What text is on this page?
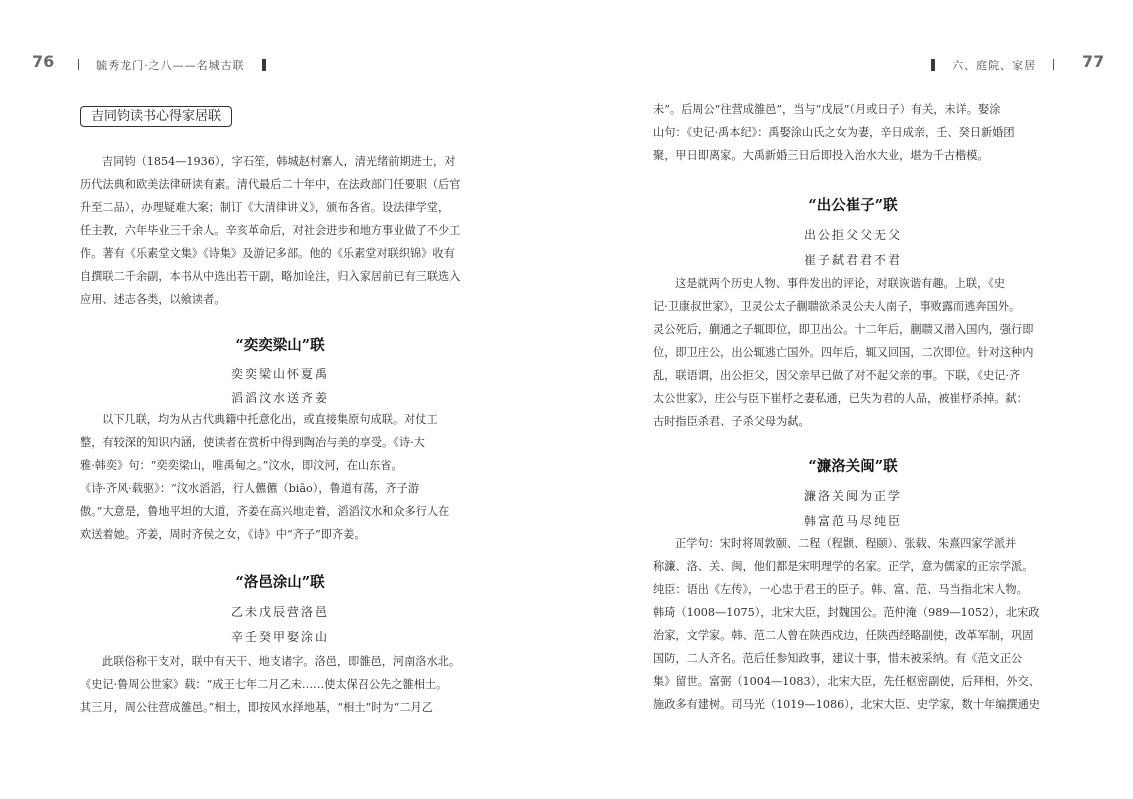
76	毓秀龙门·之八——名城古联
吉同钧读书心得家居联
吉同钧（1854—1936），字石笙，韩城赵村寨人，清光绪前期进士，对
历代法典和欧美法律研读有素。清代最后二十年中，在法政部门任要职（后官
升至二品），办理疑难大案；制订《大清律讲义》，颁布各省。设法律学堂，
任主教，六年毕业三千余人。辛亥革命后，对社会进步和地方事业做了不少工
作。著有《乐素堂文集》《诗集》及游记多部。他的《乐素堂对联织锦》收有
自撰联二千余副，本书从中选出若干副，略加诠注，归入家居前已有三联选入
应用、述志各类，以飨读者。
“奕奕梁山”联
奕奕梁山怀夏禹
滔滔汶水送齐姜
以下几联，均为从古代典籍中托意化出，或直接集原句成联。对仗工
整，有较深的知识内涵，使读者在赏析中得到陶冶与美的享受。《诗·大
雅·韩奕》句：“奕奕梁山，唯禹甸之。”汶水，即汶河，在山东省。
《诗·齐风·载驱》：“汶水滔滔，行人儦儦（biāo），鲁道有荡，齐子游
傲。”大意是，鲁地平坦的大道，齐姜在高兴地走着，滔滔汶水和众多行人在
欢送着她。齐姜，周时齐侯之女，《诗》中“齐子”即齐姜。
“洛邑涂山”联
乙未戊辰营洛邑
辛壬癸甲娶涂山
此联俗称干支对，联中有天干、地支诸字。洛邑，即雒邑，河南洛水北。
《史记·鲁周公世家》载：“成王七年二月乙未……使太保召公先之雒相土。
其三月，周公往营成雒邑。”相土，即按风水择地基，“相土”时为“二月乙
六、庭院、家居	77
未”。后周公“往营成雒邑”，当与“戊辰”（月或日子）有关，未详。娶涂
山句：《史记·禹本纪》：禹娶涂山氏之女为妻，辛日成亲，壬、癸日新婚团
聚，甲日即离家。大禹新婚三日后即投入治水大业，堪为千古楷模。
“出公崔子”联
出公拒父父无父
崔子弑君君不君
这是就两个历史人物、事件发出的评论，对联诙谐有趣。上联，《史
记·卫康叔世家》，卫灵公太子蒯聩欲杀灵公夫人南子，事败露而逃奔国外。
灵公死后，蒯通之子辄即位，即卫出公。十二年后，蒯聩又潜入国内，强行即
位，即卫庄公，出公辄逃亡国外。四年后，辄又回国，二次即位。针对这种内
乱，联语谓，出公拒父，因父亲早已做了对不起父亲的事。下联，《史记·齐
太公世家》，庄公与臣下崔杼之妻私通，已失为君的人品，被崔杼杀掉。弑：
古时指臣杀君、子杀父母为弑。
“濂洛关闽”联
濂洛关闽为正学
韩富范马尽纯臣
正学句：宋时将周敦颐、二程（程颢、程颐）、张载、朱熹四家学派并
称濂、洛、关、闽，他们都是宋明理学的名家。正学，意为儒家的正宗学派。
纯臣：语出《左传》，一心忠于君王的臣子。韩、富、范、马当指北宋人物。
韩琦（1008—1075），北宋大臣，封魏国公。范仲淹（989—1052），北宋政
治家，文学家。韩、范二人曾在陕西戍边，任陕西经略副使，改革军制，巩固
国防，二人齐名。范后任参知政事，建议十事，惜未被采纳。有《范文正公
集》留世。富弼（1004—1083），北宋大臣，先任枢密副使，后拜相，外交、
施政多有建树。司马光（1019—1086），北宋大臣、史学家，数十年编撰通史
